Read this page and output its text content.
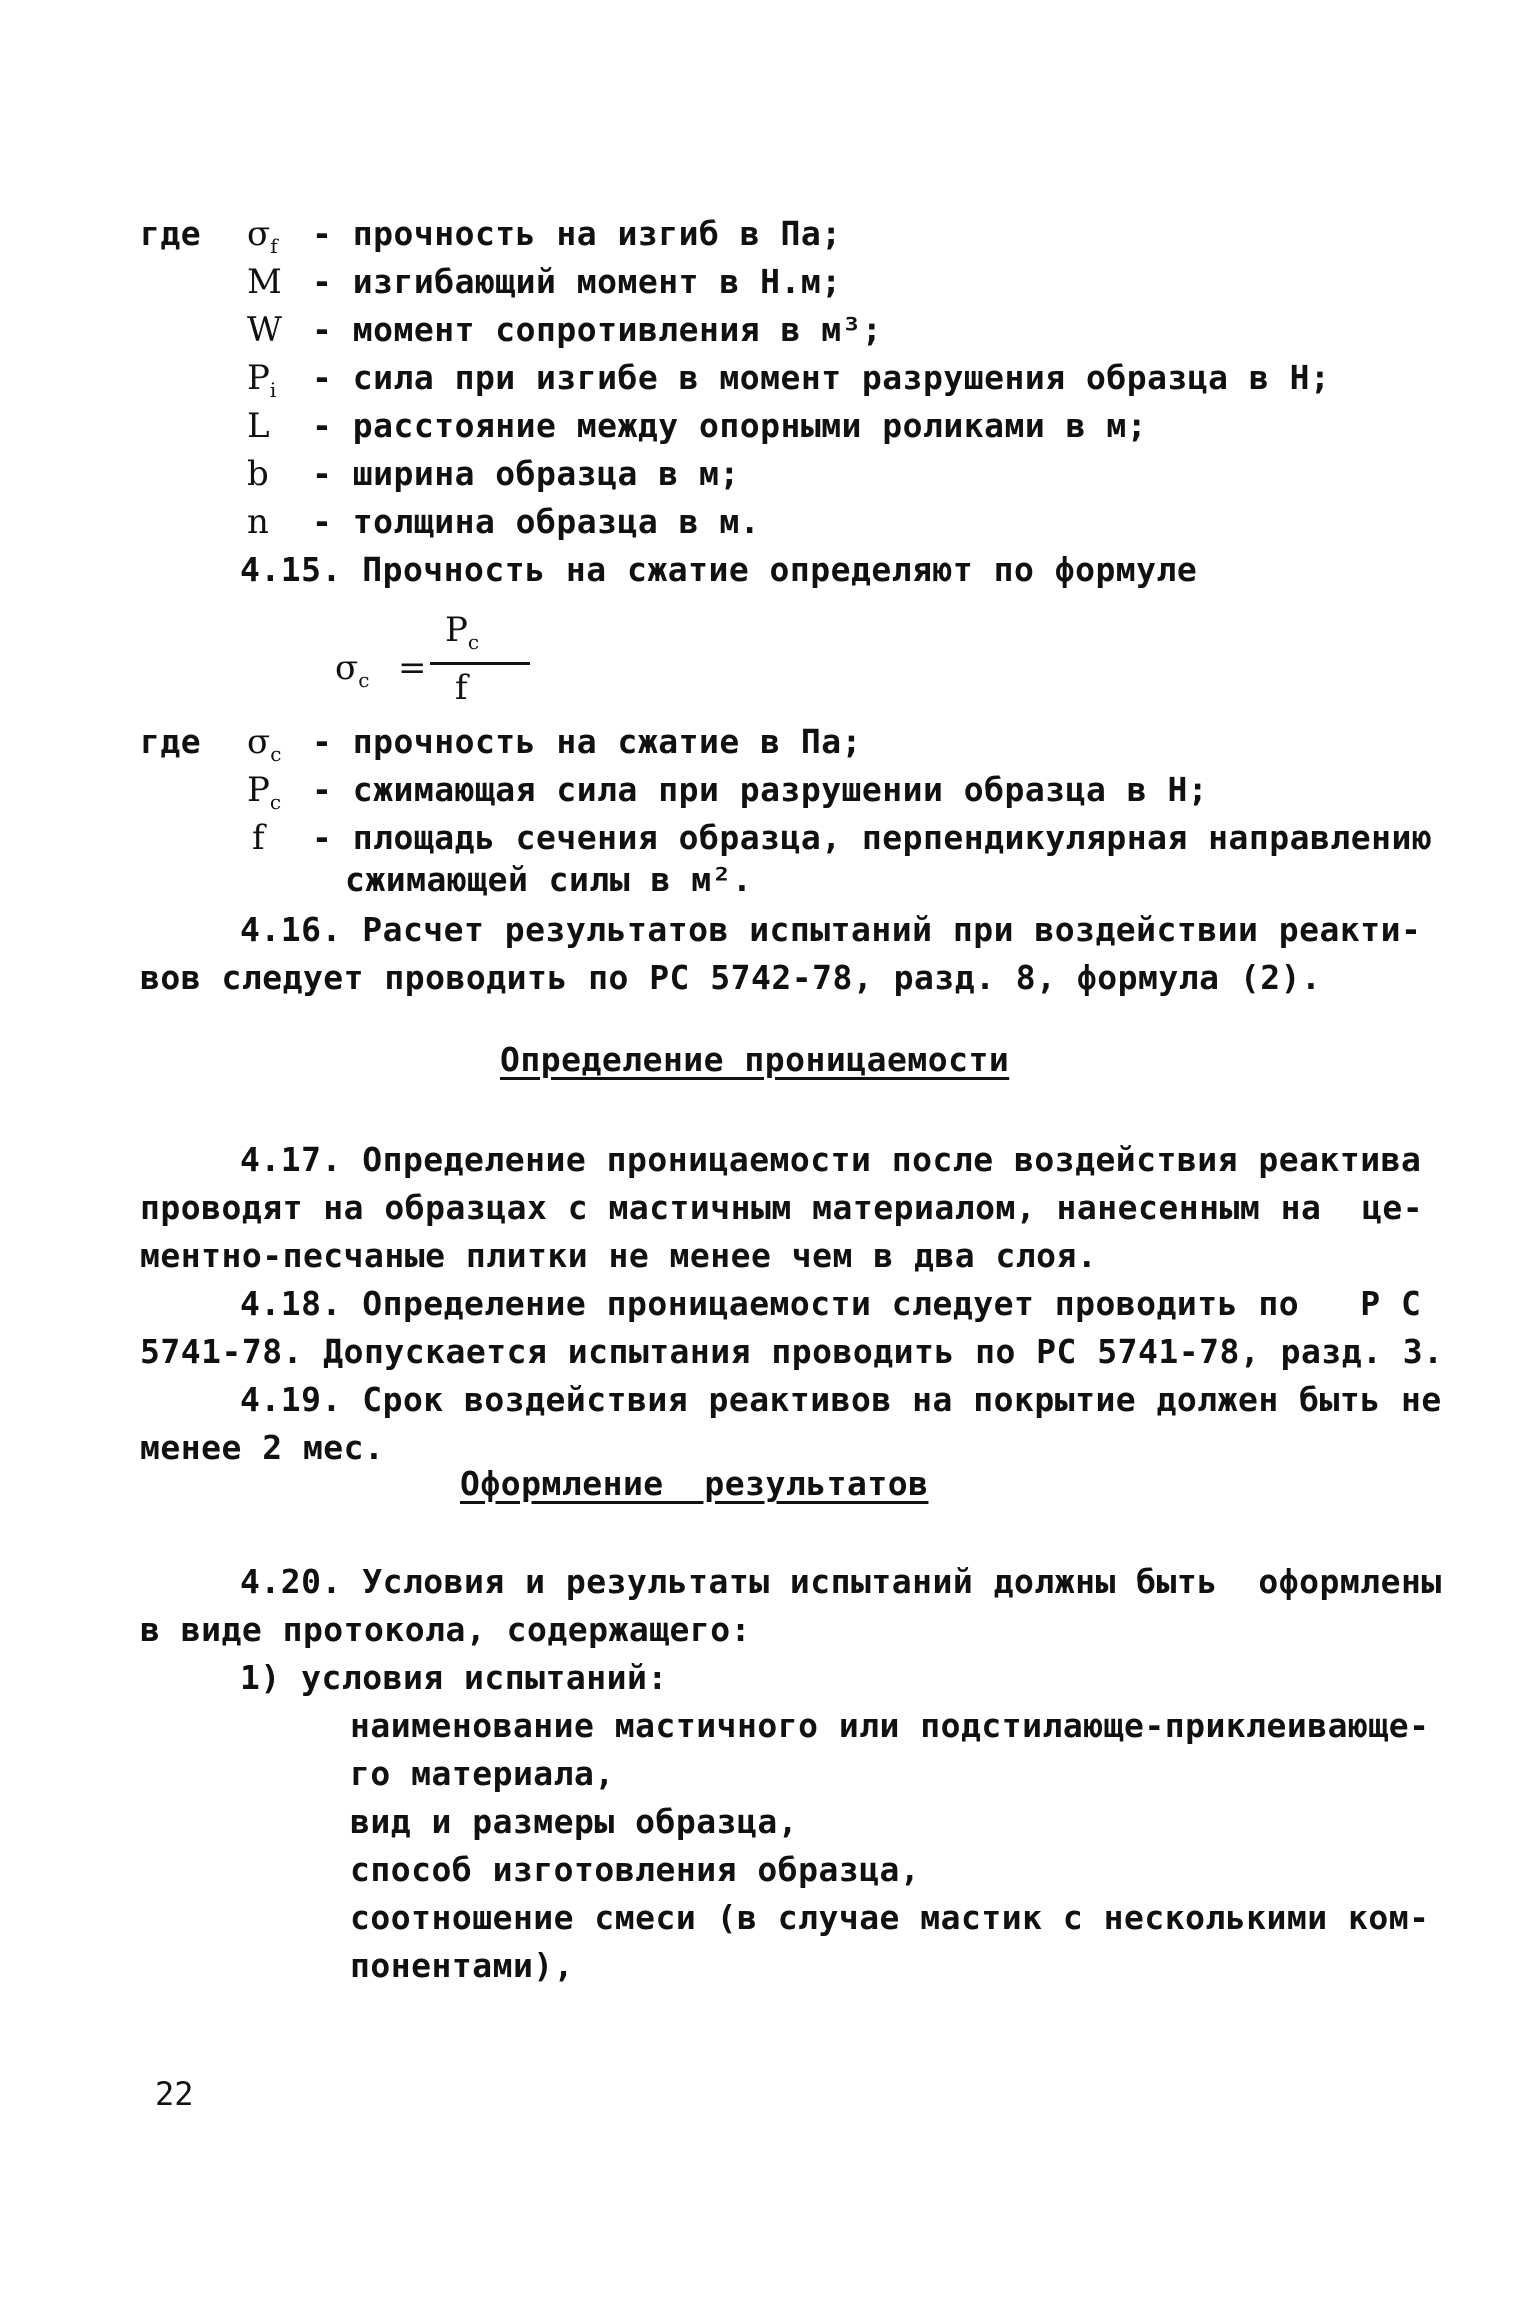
где $\sigma_f$ - прочность на изгиб в Па;
M - изгибающий момент в Н.м;
W - момент сопротивления в м³;
$P_i$ - сила при изгибе в момент разрушения образца в Н;
L - расстояние между опорными роликами в м;
b - ширина образца в м;
n - толщина образца в м.
4.15. Прочность на сжатие определяют по формуле
$\sigma_c$ =
$P_c$
f
где $\sigma_c$ - прочность на сжатие в Па;
$P_c$ - сжимающая сила при разрушении образца в Н;
f - площадь сечения образца, перпендикулярная направлению
сжимающей силы в м².
4.16. Расчет результатов испытаний при воздействии реакти-
вов следует проводить по РС 5742-78, разд. 8, формула (2).
Определение проницаемости
4.17. Определение проницаемости после воздействия реактива
проводят на образцах с мастичным материалом, нанесенным на  це-
ментно-песчаные плитки не менее чем в два слоя.
4.18. Определение проницаемости следует проводить по   Р С
5741-78. Допускается испытания проводить по РС 5741-78, разд. 3.
4.19. Срок воздействия реактивов на покрытие должен быть не
менее 2 мес.
Оформление  результатов
4.20. Условия и результаты испытаний должны быть  оформлены
в виде протокола, содержащего:
1) условия испытаний:
наименование мастичного или подстилающе-приклеивающе-
го материала,
вид и размеры образца,
способ изготовления образца,
соотношение смеси (в случае мастик с несколькими ком-
понентами),
22
